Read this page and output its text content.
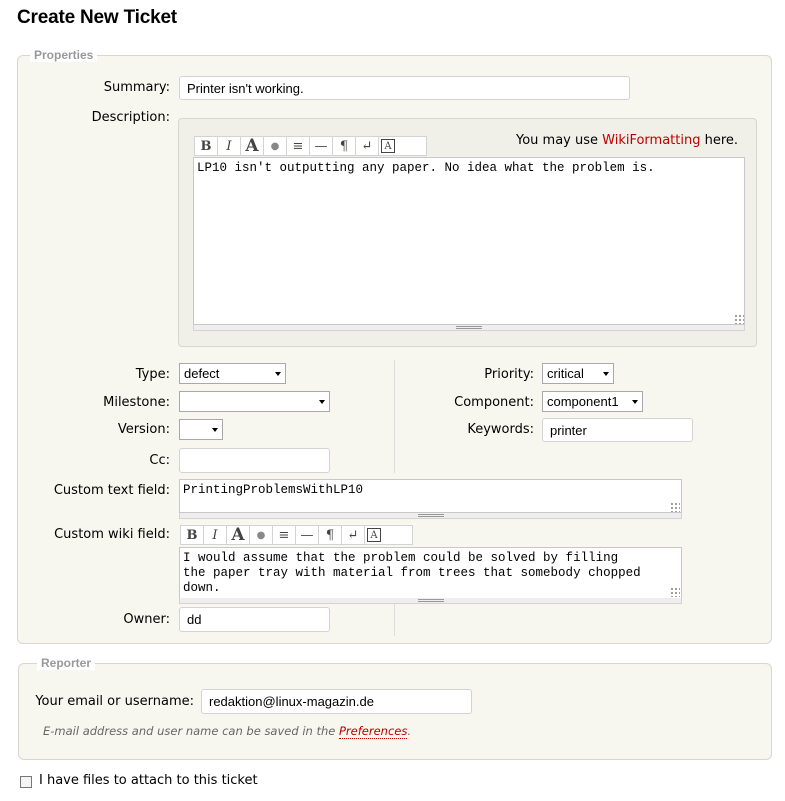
Create New Ticket
Properties
Summary:	Printer isn't working.
Description:
B	I A	●	≡ — ¶	↵	A	You may use WikiFormatting here.
LP10 isn't outputting any paper. No idea what the problem is.
Type:	defect
Milestone:
Version:
Cc:
Custom text field:	PrintingProblemsWithLP10
Custom wiki field:	B	I A	●	≡ — ¶	↵	A
I would assume that the problem could be solved by filling
the paper tray with material from trees that somebody chopped
down.
Owner:	dd
Priority:	critical
Component:	component1
Keywords:	printer
Reporter
Your email or username:	redaktion@linux-magazin.de
E-mail address and user name can be saved in the Preferences.
I have files to attach to this ticket
